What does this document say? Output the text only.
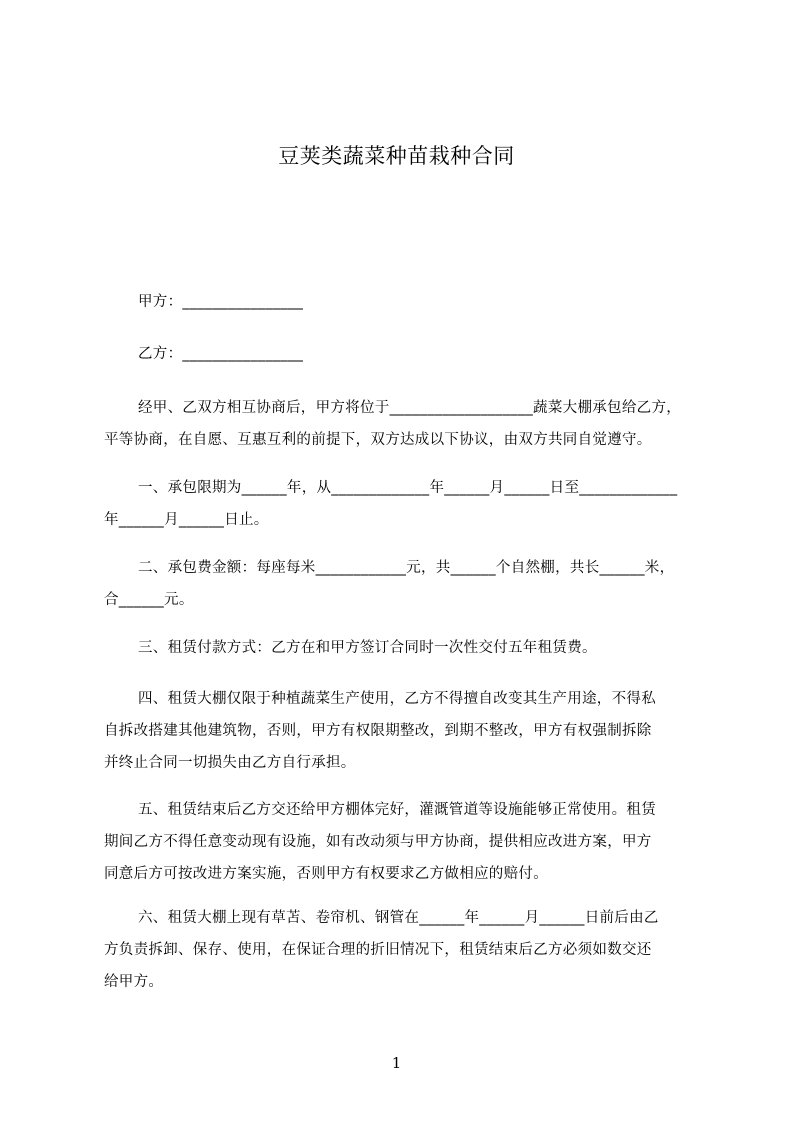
豆荚类蔬菜种苗栽种合同

甲方：________________

乙方：________________

经甲、乙双方相互协商后，甲方将位于___________________蔬菜大棚承包给乙方，
平等协商，在自愿、互惠互利的前提下，双方达成以下协议，由双方共同自觉遵守。

一、承包限期为______年，从_____________年______月______日至_____________
年______月______日止。

二、承包费金额：每座每米____________元，共______个自然棚，共长______米，
合______元。

三、租赁付款方式：乙方在和甲方签订合同时一次性交付五年租赁费。

四、租赁大棚仅限于种植蔬菜生产使用，乙方不得擅自改变其生产用途，不得私
自拆改搭建其他建筑物，否则，甲方有权限期整改，到期不整改，甲方有权强制拆除
并终止合同一切损失由乙方自行承担。

五、租赁结束后乙方交还给甲方棚体完好，灌溉管道等设施能够正常使用。租赁
期间乙方不得任意变动现有设施，如有改动须与甲方协商，提供相应改进方案，甲方
同意后方可按改进方案实施，否则甲方有权要求乙方做相应的赔付。

六、租赁大棚上现有草苫、卷帘机、钢管在______年______月______日前后由乙
方负责拆卸、保存、使用，在保证合理的折旧情况下，租赁结束后乙方必须如数交还
给甲方。

1
